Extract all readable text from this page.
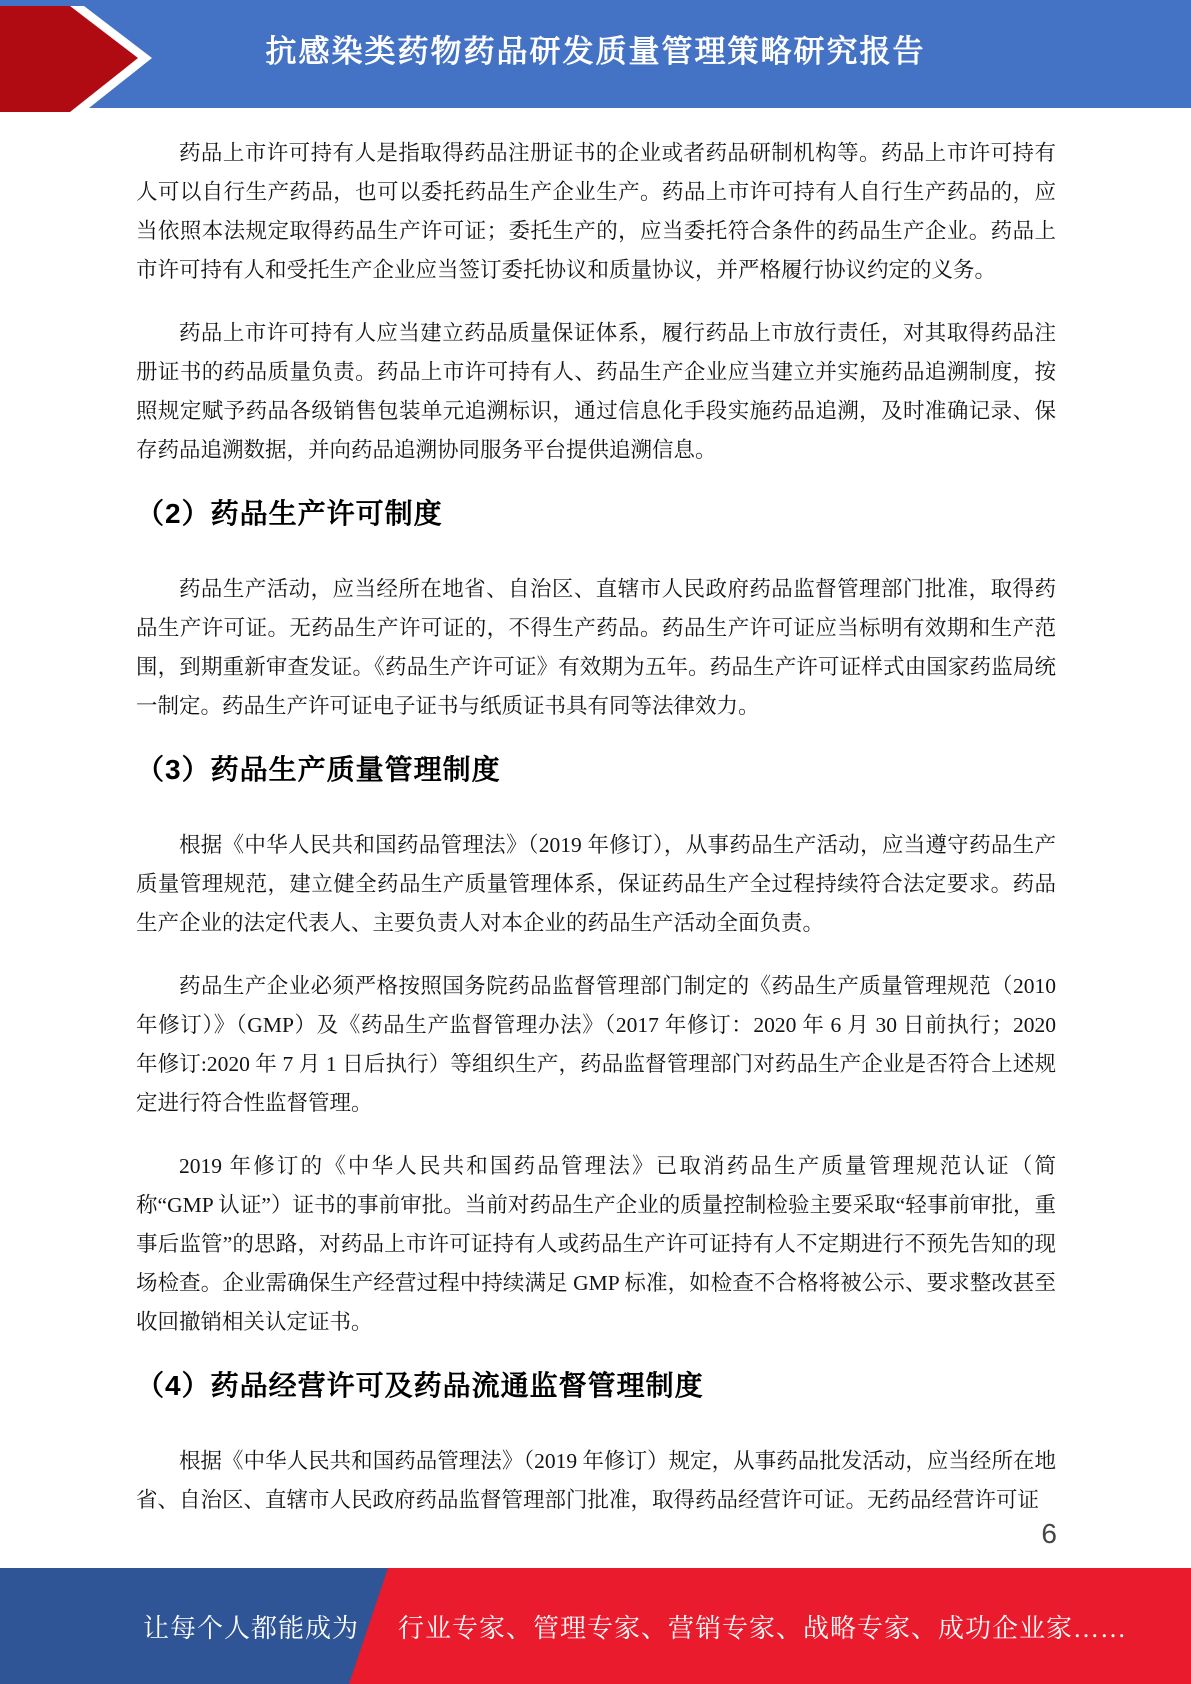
抗感染类药物药品研发质量管理策略研究报告

药品上市许可持有人是指取得药品注册证书的企业或者药品研制机构等。药品上市许可持有人可以自行生产药品，也可以委托药品生产企业生产。药品上市许可持有人自行生产药品的，应当依照本法规定取得药品生产许可证；委托生产的，应当委托符合条件的药品生产企业。药品上市许可持有人和受托生产企业应当签订委托协议和质量协议，并严格履行协议约定的义务。

药品上市许可持有人应当建立药品质量保证体系，履行药品上市放行责任，对其取得药品注册证书的药品质量负责。药品上市许可持有人、药品生产企业应当建立并实施药品追溯制度，按照规定赋予药品各级销售包装单元追溯标识，通过信息化手段实施药品追溯，及时准确记录、保存药品追溯数据，并向药品追溯协同服务平台提供追溯信息。

（2）药品生产许可制度

药品生产活动，应当经所在地省、自治区、直辖市人民政府药品监督管理部门批准，取得药品生产许可证。无药品生产许可证的，不得生产药品。药品生产许可证应当标明有效期和生产范围，到期重新审查发证。《药品生产许可证》有效期为五年。药品生产许可证样式由国家药监局统一制定。药品生产许可证电子证书与纸质证书具有同等法律效力。

（3）药品生产质量管理制度

根据《中华人民共和国药品管理法》（2019 年修订），从事药品生产活动，应当遵守药品生产质量管理规范，建立健全药品生产质量管理体系，保证药品生产全过程持续符合法定要求。药品生产企业的法定代表人、主要负责人对本企业的药品生产活动全面负责。

药品生产企业必须严格按照国务院药品监督管理部门制定的《药品生产质量管理规范（2010 年修订）》（GMP）及《药品生产监督管理办法》（2017 年修订：2020 年 6 月 30 日前执行；2020 年修订:2020 年 7 月 1 日后执行）等组织生产，药品监督管理部门对药品生产企业是否符合上述规定进行符合性监督管理。

2019 年修订的《中华人民共和国药品管理法》已取消药品生产质量管理规范认证（简称“GMP 认证”）证书的事前审批。当前对药品生产企业的质量控制检验主要采取“轻事前审批，重事后监管”的思路，对药品上市许可证持有人或药品生产许可证持有人不定期进行不预先告知的现场检查。企业需确保生产经营过程中持续满足 GMP 标准，如检查不合格将被公示、要求整改甚至收回撤销相关认定证书。

（4）药品经营许可及药品流通监督管理制度

根据《中华人民共和国药品管理法》（2019 年修订）规定，从事药品批发活动，应当经所在地省、自治区、直辖市人民政府药品监督管理部门批准，取得药品经营许可证。无药品经营许可证

6
让每个人都能成为 行业专家、管理专家、营销专家、战略专家、成功企业家……
